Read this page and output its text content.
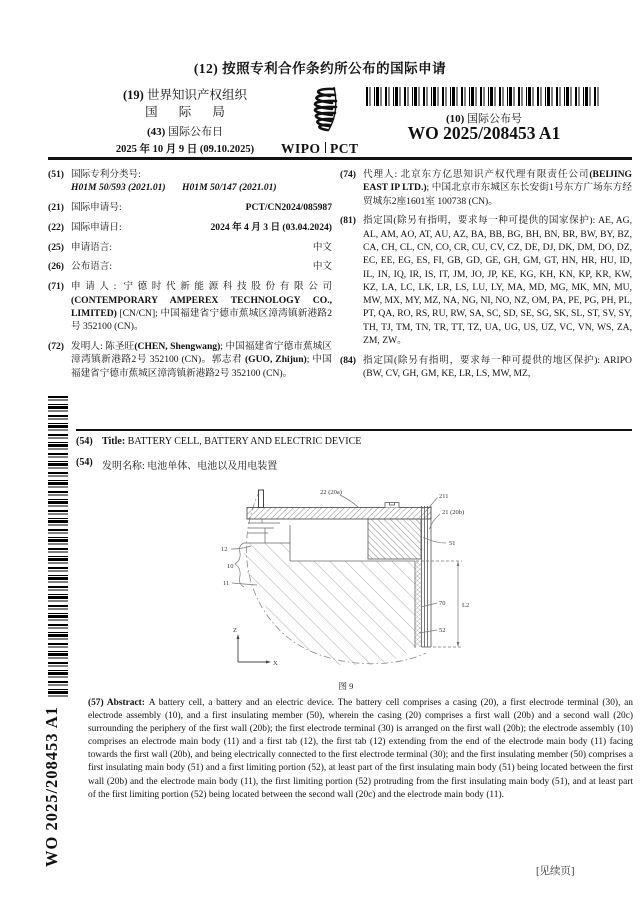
(12) 按照专利合作条约所公布的国际申请
(19) 世界知识产权组织
国 际 局
(43) 国际公布日
2025 年 10 月 9 日 (09.10.2025)	WIPO PCT
(10) 国际公布号
WO 2025/208453 A1
(51) 国际专利分类号:
H01M 50/593 (2021.01) H01M 50/147 (2021.01)
(21) 国际申请号:	PCT/CN2024/085987
(22) 国际申请日:	2024 年 4 月 3 日 (03.04.2024)
(25) 申请语言:	中文
(26) 公布语言:	中文
(71) 申请人: 宁德时代新能源科技股份有限公司 (CONTEMPORARY AMPEREX TECHNOLOGY CO., LIMITED) [CN/CN]; 中国福建省宁德市蕉城区漳湾镇新港路2号 352100 (CN)。
(72) 发明人: 陈圣旺(CHEN, Shengwang); 中国福建省宁德市蕉城区漳湾镇新港路2号 352100 (CN)。郭志君 (GUO, Zhijun); 中国福建省宁德市蕉城区漳湾镇新港路2号 352100 (CN)。
(74) 代理人: 北京东方亿思知识产权代理有限责任公司(BEIJING EAST IP LTD.); 中国北京市东城区东长安街1号东方广场东方经贸城东2座1601室 100738 (CN)。
(81) 指定国(除另有指明，要求每一种可提供的国家保护): AE, AG, AL, AM, AO, AT, AU, AZ, BA, BB, BG, BH, BN, BR, BW, BY, BZ, CA, CH, CL, CN, CO, CR, CU, CV, CZ, DE, DJ, DK, DM, DO, DZ, EC, EE, EG, ES, FI, GB, GD, GE, GH, GM, GT, HN, HR, HU, ID, IL, IN, IQ, IR, IS, IT, JM, JO, JP, KE, KG, KH, KN, KP, KR, KW, KZ, LA, LC, LK, LR, LS, LU, LY, MA, MD, MG, MK, MN, MU, MW, MX, MY, MZ, NA, NG, NI, NO, NZ, OM, PA, PE, PG, PH, PL, PT, QA, RO, RS, RU, RW, SA, SC, SD, SE, SG, SK, SL, ST, SV, SY, TH, TJ, TM, TN, TR, TT, TZ, UA, UG, US, UZ, VC, VN, WS, ZA, ZM, ZW。
(84) 指定国(除另有指明，要求每一种可提供的地区保护): ARIPO (BW, CV, GH, GM, KE, LR, LS, MW, MZ,
(54) Title: BATTERY CELL, BATTERY AND ELECTRIC DEVICE
(54) 发明名称: 电池单体、电池以及用电装置
WO 2025/208453 A1
22 (20a)
211
21 (20b)
51
12
10
11
70
52
L2
Z
X
图 9
(57) Abstract: A battery cell, a battery and an electric device. The battery cell comprises a casing (20), a first electrode terminal (30), an electrode assembly (10), and a first insulating member (50), wherein the casing (20) comprises a first wall (20b) and a second wall (20c) surrounding the periphery of the first wall (20b); the first electrode terminal (30) is arranged on the first wall (20b); the electrode assembly (10) comprises an electrode main body (11) and a first tab (12), the first tab (12) extending from the end of the electrode main body (11) facing towards the first wall (20b), and being electrically connected to the first electrode terminal (30); and the first insulating member (50) comprises a first insulating main body (51) and a first limiting portion (52), at least part of the first insulating main body (51) being located between the first wall (20b) and the electrode main body (11), the first limiting portion (52) protruding from the first insulating main body (51), and at least part of the first limiting portion (52) being located between the second wall (20c) and the electrode main body (11).
[见续页]
